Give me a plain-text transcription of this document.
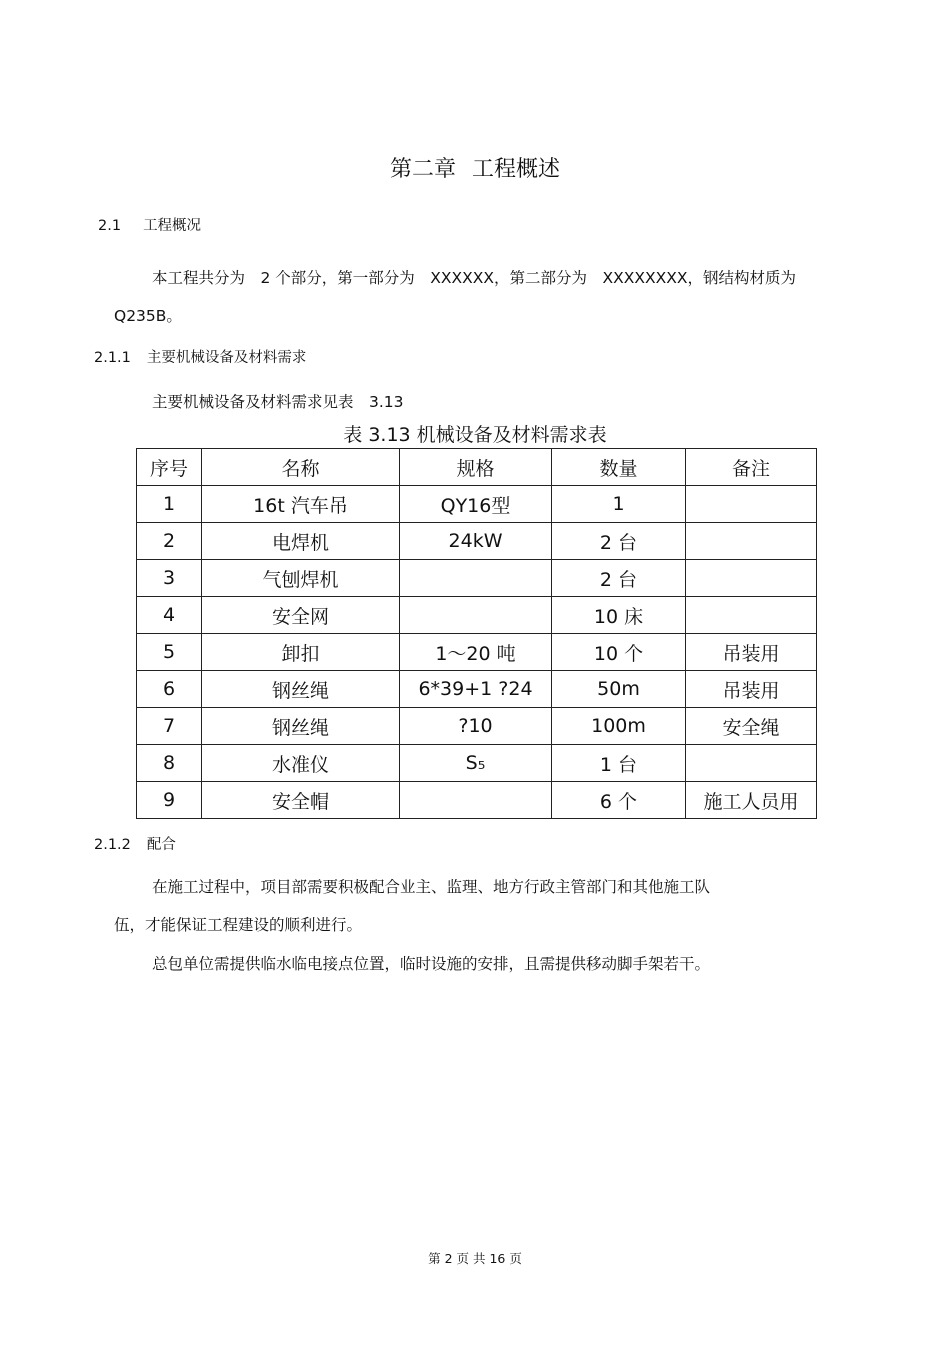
第二章 工程概述
2.1 工程概况
本工程共分为　2 个部分，第一部分为　XXXXXX，第二部分为　XXXXXXXX，钢结构材质为
Q235B。
2.1.1 主要机械设备及材料需求
主要机械设备及材料需求见表　3.13
表 3.13 机械设备及材料需求表
序号	名称	规格	数量	备注
1	16t 汽车吊	QY16型	1	
2	电焊机	24kW	2 台	
3	气刨焊机		2 台	
4	安全网		10 床	
5	卸扣	1～20 吨	10 个	吊装用
6	钢丝绳	6*39+1 ?24	50m	吊装用
7	钢丝绳	?10	100m	安全绳
8	水准仪	S₅	1 台	
9	安全帽		6 个	施工人员用
2.1.2 配合
在施工过程中，项目部需要积极配合业主、监理、地方行政主管部门和其他施工队
伍，才能保证工程建设的顺利进行。
总包单位需提供临水临电接点位置，临时设施的安排，且需提供移动脚手架若干。
第 2 页 共 16 页
